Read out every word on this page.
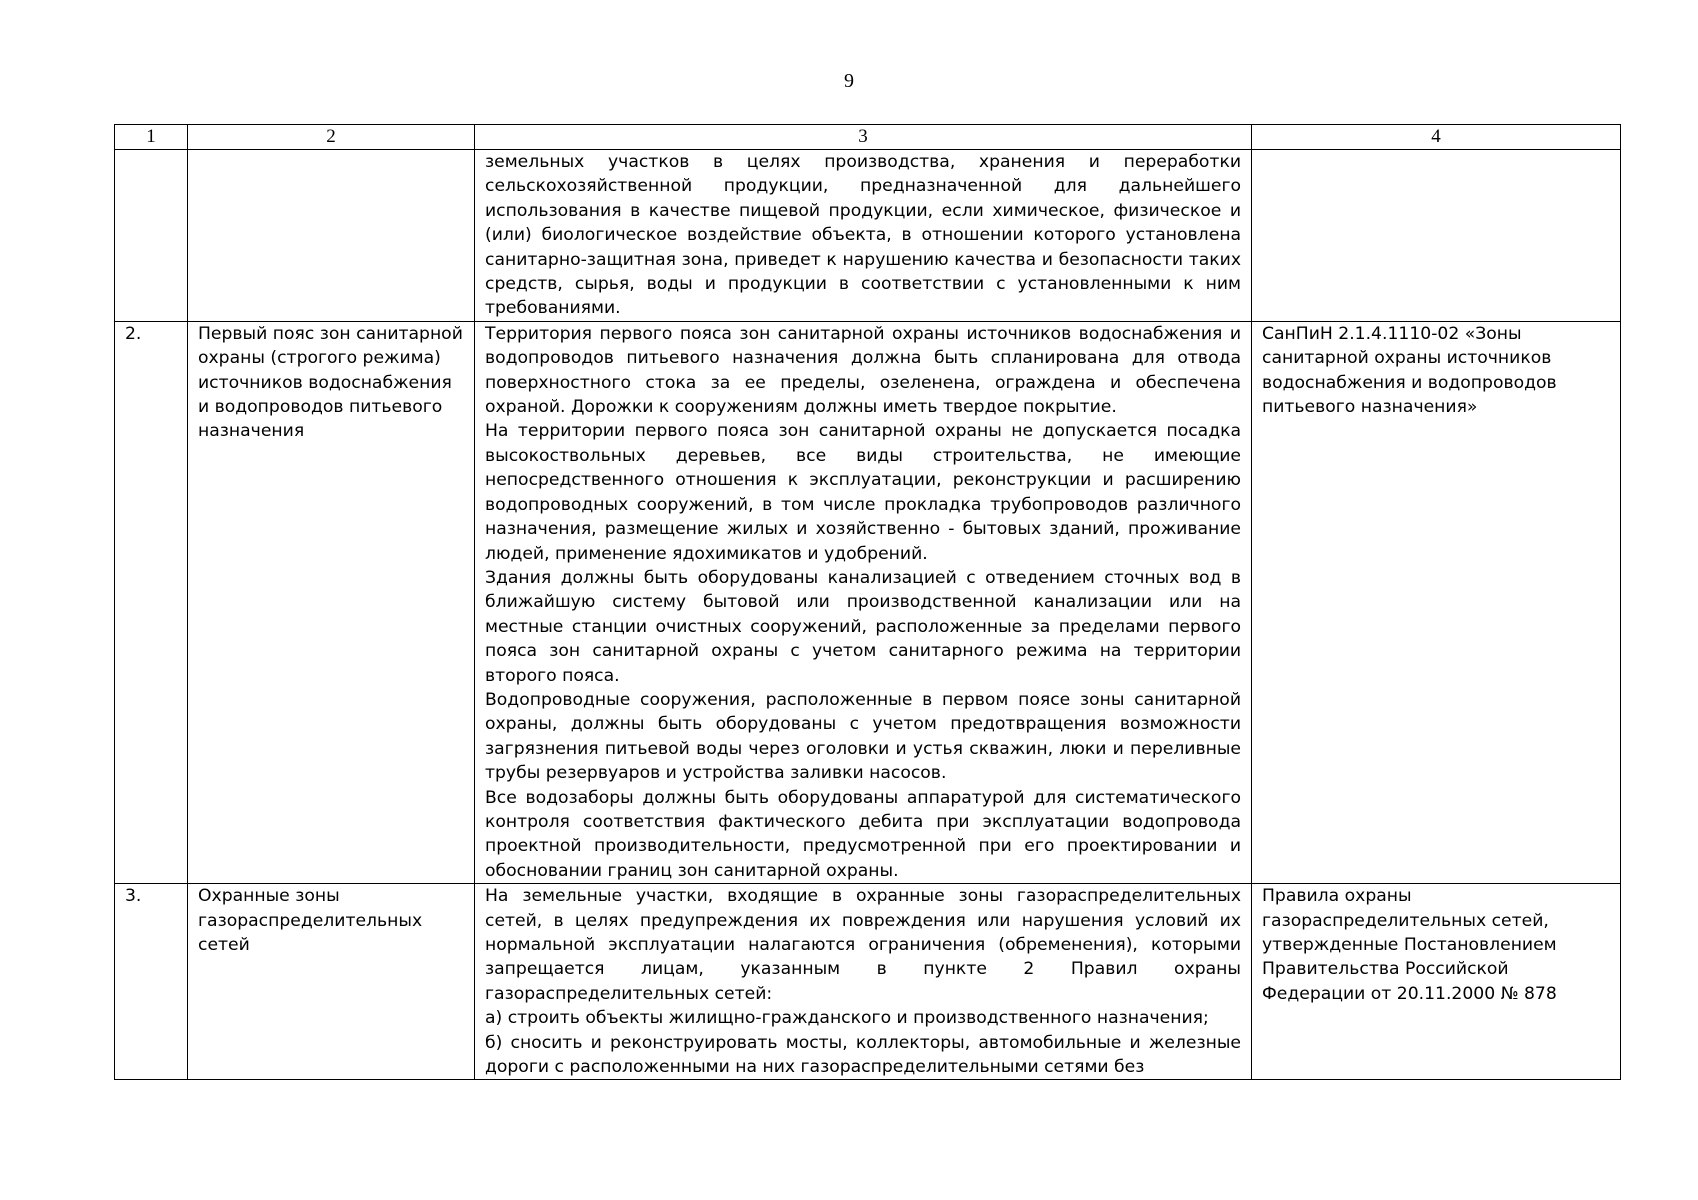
9
1	2	3	4

		земельных участков в целях производства, хранения и переработки сельскохозяйственной продукции, предназначенной для дальнейшего использования в качестве пищевой продукции, если химическое, физическое и (или) биологическое воздействие объекта, в отношении которого установлена санитарно-защитная зона, приведет к нарушению качества и безопасности таких средств, сырья, воды и продукции в соответствии с установленными к ним требованиями.	

2.	Первый пояс зон санитарной охраны (строгого режима) источников водоснабжения и водопроводов питьевого назначения	Территория первого пояса зон санитарной охраны источников водоснабжения и водопроводов питьевого назначения должна быть спланирована для отвода поверхностного стока за ее пределы, озеленена, ограждена и обеспечена охраной. Дорожки к сооружениям должны иметь твердое покрытие.
На территории первого пояса зон санитарной охраны не допускается посадка высокоствольных деревьев, все виды строительства, не имеющие непосредственного отношения к эксплуатации, реконструкции и расширению водопроводных сооружений, в том числе прокладка трубопроводов различного назначения, размещение жилых и хозяйственно - бытовых зданий, проживание людей, применение ядохимикатов и удобрений.
Здания должны быть оборудованы канализацией с отведением сточных вод в ближайшую систему бытовой или производственной канализации или на местные станции очистных сооружений, расположенные за пределами первого пояса зон санитарной охраны с учетом санитарного режима на территории второго пояса.
Водопроводные сооружения, расположенные в первом поясе зоны санитарной охраны, должны быть оборудованы с учетом предотвращения возможности загрязнения питьевой воды через оголовки и устья скважин, люки и переливные трубы резервуаров и устройства заливки насосов.
Все водозаборы должны быть оборудованы аппаратурой для систематического контроля соответствия фактического дебита при эксплуатации водопровода проектной производительности, предусмотренной при его проектировании и обосновании границ зон санитарной охраны.	СанПиН 2.1.4.1110-02 «Зоны санитарной охраны источников водоснабжения и водопроводов питьевого назначения»

3.	Охранные зоны газораспределительных сетей	На земельные участки, входящие в охранные зоны газораспределительных сетей, в целях предупреждения их повреждения или нарушения условий их нормальной эксплуатации налагаются ограничения (обременения), которыми запрещается лицам, указанным в пункте 2 Правил охраны газораспределительных сетей:
а) строить объекты жилищно-гражданского и производственного назначения;
б) сносить и реконструировать мосты, коллекторы, автомобильные и железные дороги с расположенными на них газораспределительными сетями без	Правила охраны газораспределительных сетей, утвержденные Постановлением Правительства Российской Федерации от 20.11.2000 № 878
